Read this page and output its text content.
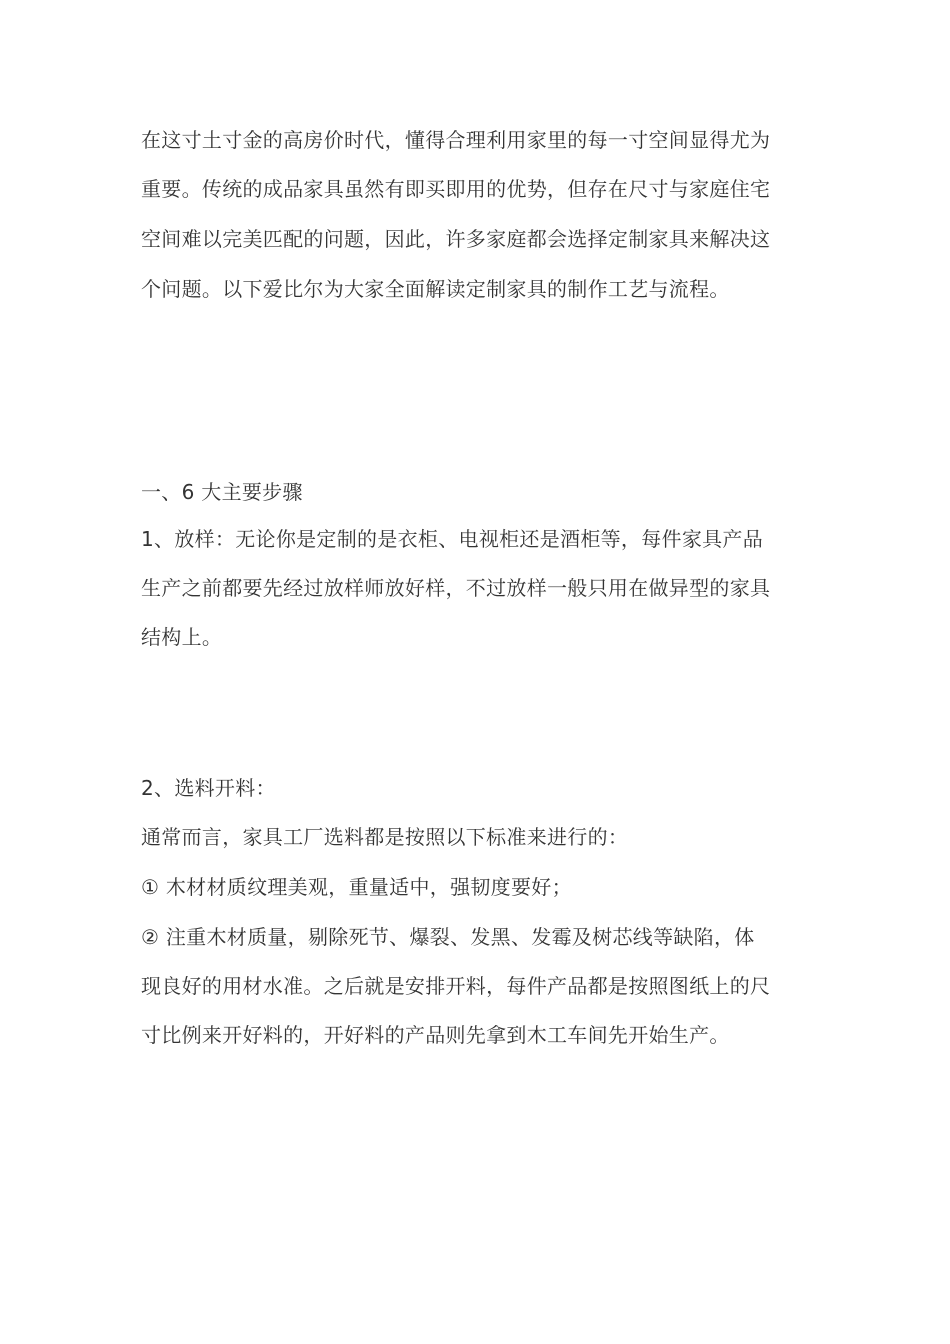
在这寸土寸金的高房价时代，懂得合理利用家里的每一寸空间显得尤为
重要。传统的成品家具虽然有即买即用的优势，但存在尺寸与家庭住宅
空间难以完美匹配的问题，因此，许多家庭都会选择定制家具来解决这
个问题。以下爱比尔为大家全面解读定制家具的制作工艺与流程。
一、6 大主要步骤
1、放样：无论你是定制的是衣柜、电视柜还是酒柜等，每件家具产品
生产之前都要先经过放样师放好样，不过放样一般只用在做异型的家具
结构上。
2、选料开料：
通常而言，家具工厂选料都是按照以下标准来进行的：
① 木材材质纹理美观，重量适中，强韧度要好；
② 注重木材质量，剔除死节、爆裂、发黑、发霉及树芯线等缺陷，体
现良好的用材水准。之后就是安排开料，每件产品都是按照图纸上的尺
寸比例来开好料的，开好料的产品则先拿到木工车间先开始生产。
